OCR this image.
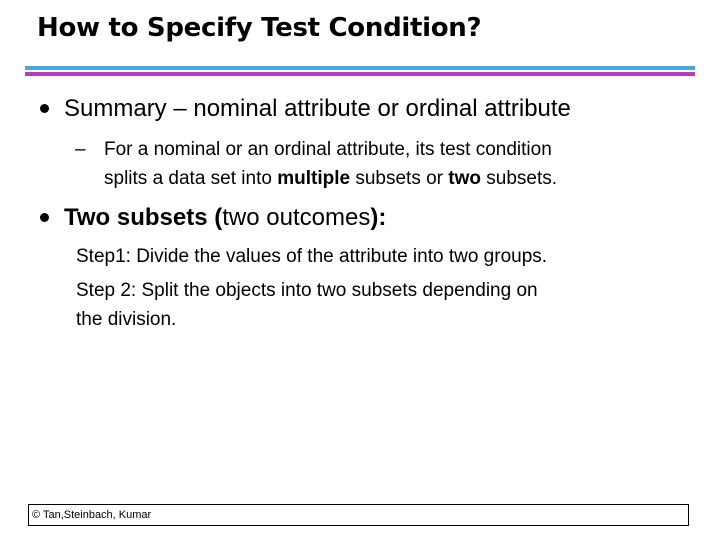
How to Specify Test Condition?
Summary – nominal attribute or ordinal attribute
– For a nominal or an ordinal attribute, its test condition
splits a data set into multiple subsets or two subsets.
Two subsets (two outcomes):
Step1: Divide the values of the attribute into two groups.
Step 2: Split the objects into two subsets depending on
the division.
© Tan,Steinbach, Kumar
